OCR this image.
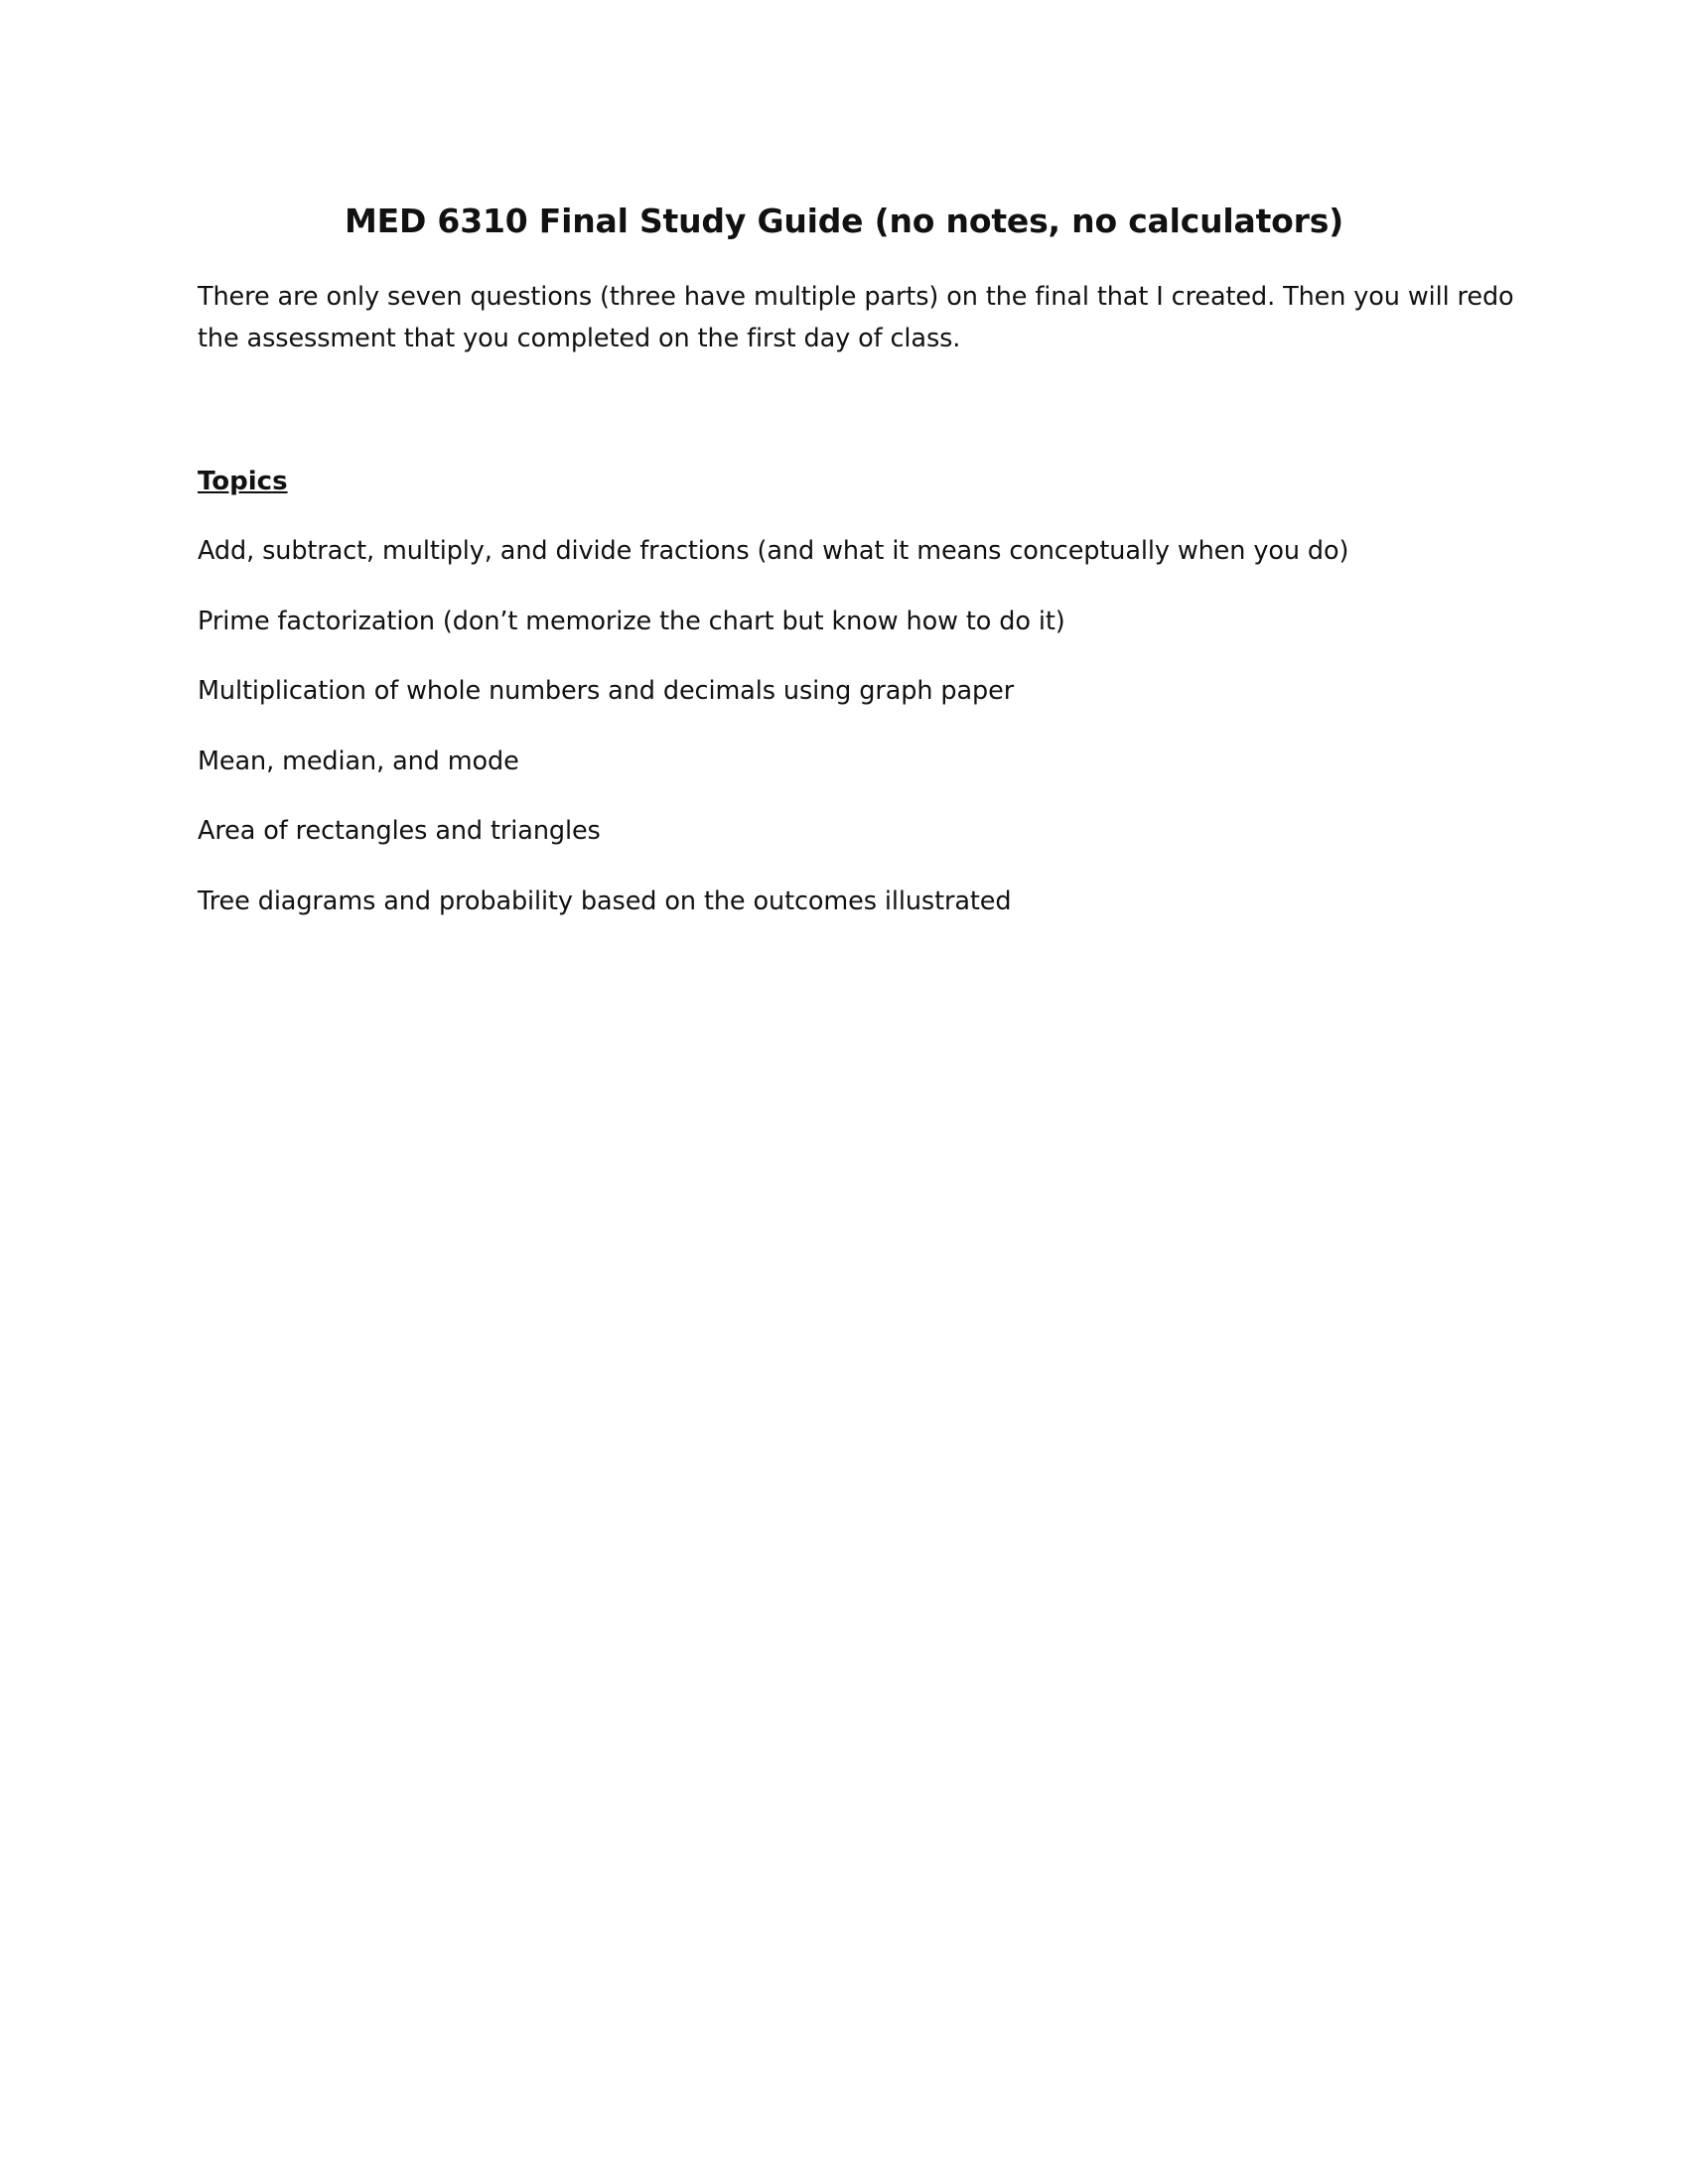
MED 6310 Final Study Guide (no notes, no calculators)
There are only seven questions (three have multiple parts) on the final that I created. Then you will redo
the assessment that you completed on the first day of class.
Topics
Add, subtract, multiply, and divide fractions (and what it means conceptually when you do)
Prime factorization (don’t memorize the chart but know how to do it)
Multiplication of whole numbers and decimals using graph paper
Mean, median, and mode
Area of rectangles and triangles
Tree diagrams and probability based on the outcomes illustrated
